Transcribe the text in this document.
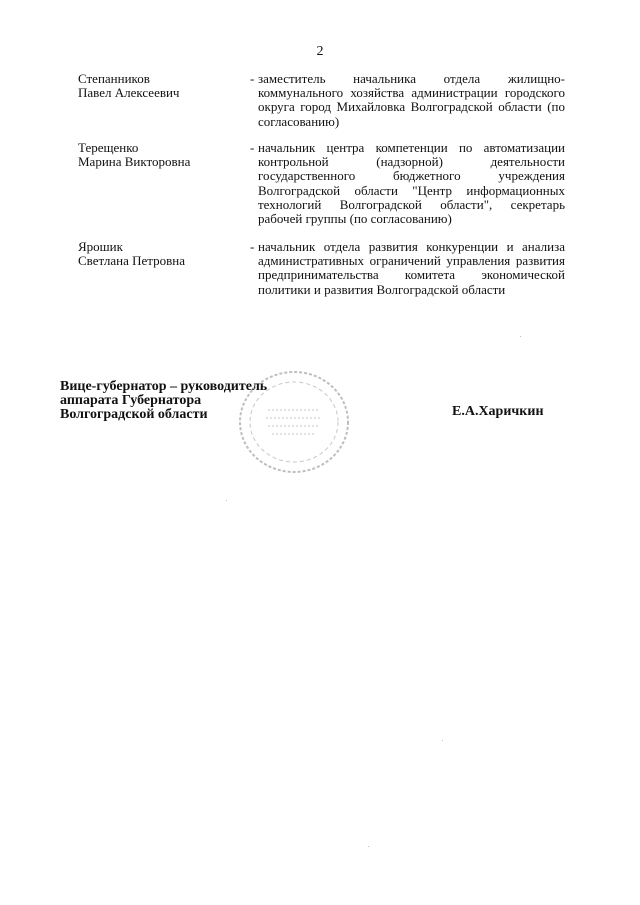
2
Степанников
Павел Алексеевич
- заместитель начальника отдела жилищно-коммунального хозяйства администрации городского округа город Михайловка Волгоградской области (по согласованию)
Терещенко
Марина Викторовна
- начальник центра компетенции по автоматизации контрольной (надзорной) деятельности государственного бюджетного учреждения Волгоградской области "Центр информационных технологий Волгоградской области", секретарь рабочей группы (по согласованию)
Ярошик
Светлана Петровна
- начальник отдела развития конкуренции и анализа административных ограничений управления развития предпринимательства комитета экономической политики и развития Волгоградской области
Вице-губернатор – руководитель
аппарата Губернатора
Волгоградской области	Е.А.Харичкин
